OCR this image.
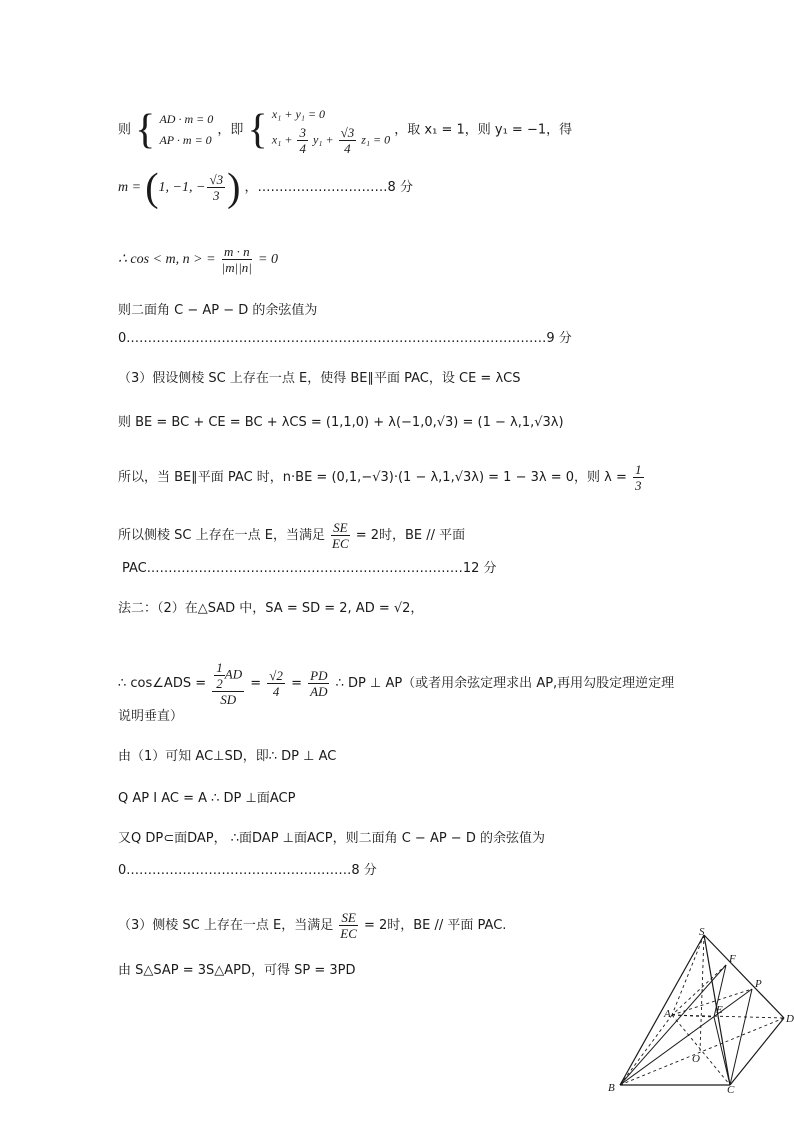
则 { AD · m = 0
AP · m = 0
，即 { x₁ + y₁ = 0
$x_1 + \frac{3}{4} y_1 + \frac{√3}{4} z_1 = 0$
，取 x₁ = 1，则 y₁ = −1，得
m = (1, −1, − $\frac{√3}{3}$ ) ，…………………………8 分
∴ cos < m, n > = $\frac{m \cdot n}{|m||n|} = 0$
则二面角 C − AP − D 的余弦值为
0.……………………………………………………………………………………9 分
（3）假设侧棱 SC 上存在一点 E，使得 BE∥平面 PAC，设 CE = λCS
则 BE = BC + CE = BC + λCS = (1,1,0) + λ(−1,0,√3) = (1 − λ,1,√3λ)
所以，当 BE∥平面 PAC 时，n·BE = (0,1,−√3)·(1 − λ,1,√3λ) = 1 − 3λ = 0，则 $\lambda = \frac{1}{3}$
所以侧棱 SC 上存在一点 E，当满足 $\frac{SE}{EC} = 2$时，BE // 平面
PAC.………………………………………………………………12 分
法二：（2）在△SAD 中，SA = SD = 2, AD = √2，
∴ cos∠ADS = $\frac{\frac{1}{2} AD}{SD} = \frac{√2}{4} = \frac{PD}{AD}$ ∴ DP ⊥ AP（或者用余弦定理求出 AP,再用勾股定理逆定理
说明垂直）
由（1）可知 AC⊥SD，即∴ DP ⊥ AC
Q AP I AC = A ∴ DP ⊥面ACP
又Q DP⊂面DAP， ∴面DAP ⊥面ACP，则二面角 C − AP − D 的余弦值为
0.……………………………………………8 分
（3）侧棱 SC 上存在一点 E，当满足 $\frac{SE}{EC} = 2$时，BE // 平面 PAC.
由 S△SAP = 3S△APD，可得 SP = 3PD
S
F
P
A	E
D
O
B	C
